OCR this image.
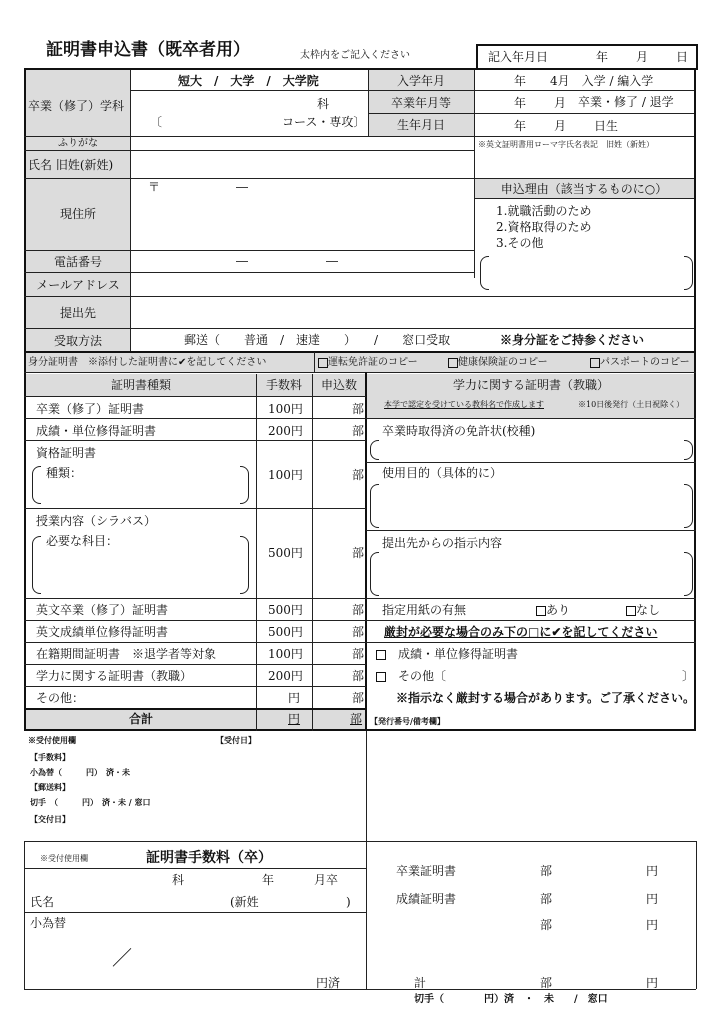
証明書申込書（既卒者用）	太枠内をご記入ください	記入年月日	年 月 日
短大　/　大学　/　大学院
卒業（修了）学科	科
〔　　　　　　　　　　コース・専攻〕
入学年月	年　　4月　入学 / 編入学
卒業年月等	年 月 卒業・修了 / 退学
生年月日	年 月 日生
ふりがな	※英文証明書用ローマ字氏名表記　旧姓（新姓）
氏名 旧姓(新姓)
〒	―
現住所
申込理由（該当するものに○）
1.就職活動のため
2.資格取得のため
3.その他
電話番号	―	―
メールアドレス
提出先
受取方法	郵送（　　普通　/　速達　　）　　/　　窓口受取	※身分証をご持参ください
身分証明書　※添付した証明書に✔を記してください	運転免許証のコピー	健康保険証のコピー	パスポートのコピー
証明書種類	手数料	申込数	学力に関する証明書（教職）
本学で認定を受けている教科名で作成します	※10日後発行（土日祝除く）
卒業（修了）証明書	100円	部
成績・単位修得証明書	200円	部
資格証明書
種類：	100円	部
授業内容（シラバス）
必要な科目：
500円	部
英文卒業（修了）証明書	500円	部
英文成績単位修得証明書	500円	部
在籍期間証明書　※退学者等対象	100円	部
学力に関する証明書（教職）	200円	部
その他：	円	部
合計	円	部
卒業時取得済の免許状(校種)
使用目的（具体的に）
提出先からの指示内容
指定用紙の有無	あり	なし
厳封が必要な場合のみ下の□に✔を記してください
　成績・単位修得証明書
　その他〔	〕
※指示なく厳封する場合があります。ご了承ください。
※受付使用欄	【受付日】
【手数料】
小為替（　　　円）　済・未
【郵送料】
切手　（　　　円）　済・未 / 窓口
【交付日】
【発行番号/備考欄】
※受付使用欄	証明書手数料（卒）
科	年	月卒
氏名	(新姓	)
小為替
／
円済
卒業証明書	部	円
成績証明書	部	円
部	円
計	部	円
切手（　　　　円）済　・　未　　/　窓口
